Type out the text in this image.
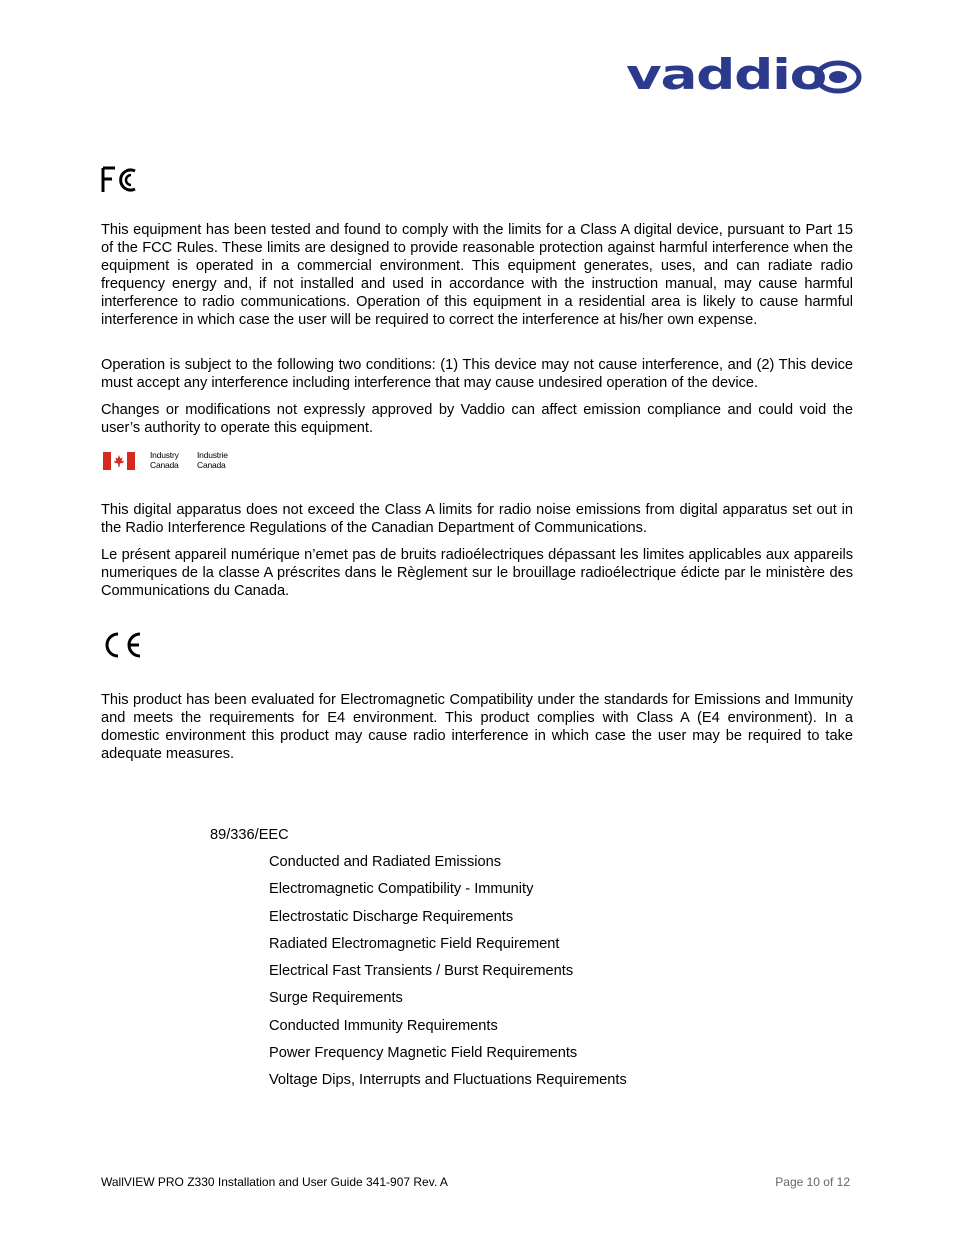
vaddio

This equipment has been tested and found to comply with the limits for a Class A digital device, pursuant to Part 15 of the FCC Rules. These limits are designed to provide reasonable protection against harmful interference when the equipment is operated in a commercial environment. This equipment generates, uses, and can radiate radio frequency energy and, if not installed and used in accordance with the instruction manual, may cause harmful interference to radio communications. Operation of this equipment in a residential area is likely to cause harmful interference in which case the user will be required to correct the interference at his/her own expense.

Operation is subject to the following two conditions: (1) This device may not cause interference, and (2) This device must accept any interference including interference that may cause undesired operation of the device.

Changes or modifications not expressly approved by Vaddio can affect emission compliance and could void the user’s authority to operate this equipment.

Industry
Canada
Industrie
Canada

This digital apparatus does not exceed the Class A limits for radio noise emissions from digital apparatus set out in the Radio Interference Regulations of the Canadian Department of Communications.

Le présent appareil numérique n’emet pas de bruits radioélectriques dépassant les limites applicables aux appareils numeriques de la classe A préscrites dans le Règlement sur le brouillage radioélectrique édicte par le ministère des Communications du Canada.

This product has been evaluated for Electromagnetic Compatibility under the standards for Emissions and Immunity and meets the requirements for E4 environment. This product complies with Class A (E4 environment). In a domestic environment this product may cause radio interference in which case the user may be required to take adequate measures.

89/336/EEC
Conducted and Radiated Emissions
Electromagnetic Compatibility - Immunity
Electrostatic Discharge Requirements
Radiated Electromagnetic Field Requirement
Electrical Fast Transients / Burst Requirements
Surge Requirements
Conducted Immunity Requirements
Power Frequency Magnetic Field Requirements
Voltage Dips, Interrupts and Fluctuations Requirements
WallVIEW PRO Z330 Installation and User Guide 341-907 Rev. A	Page 10 of 12
